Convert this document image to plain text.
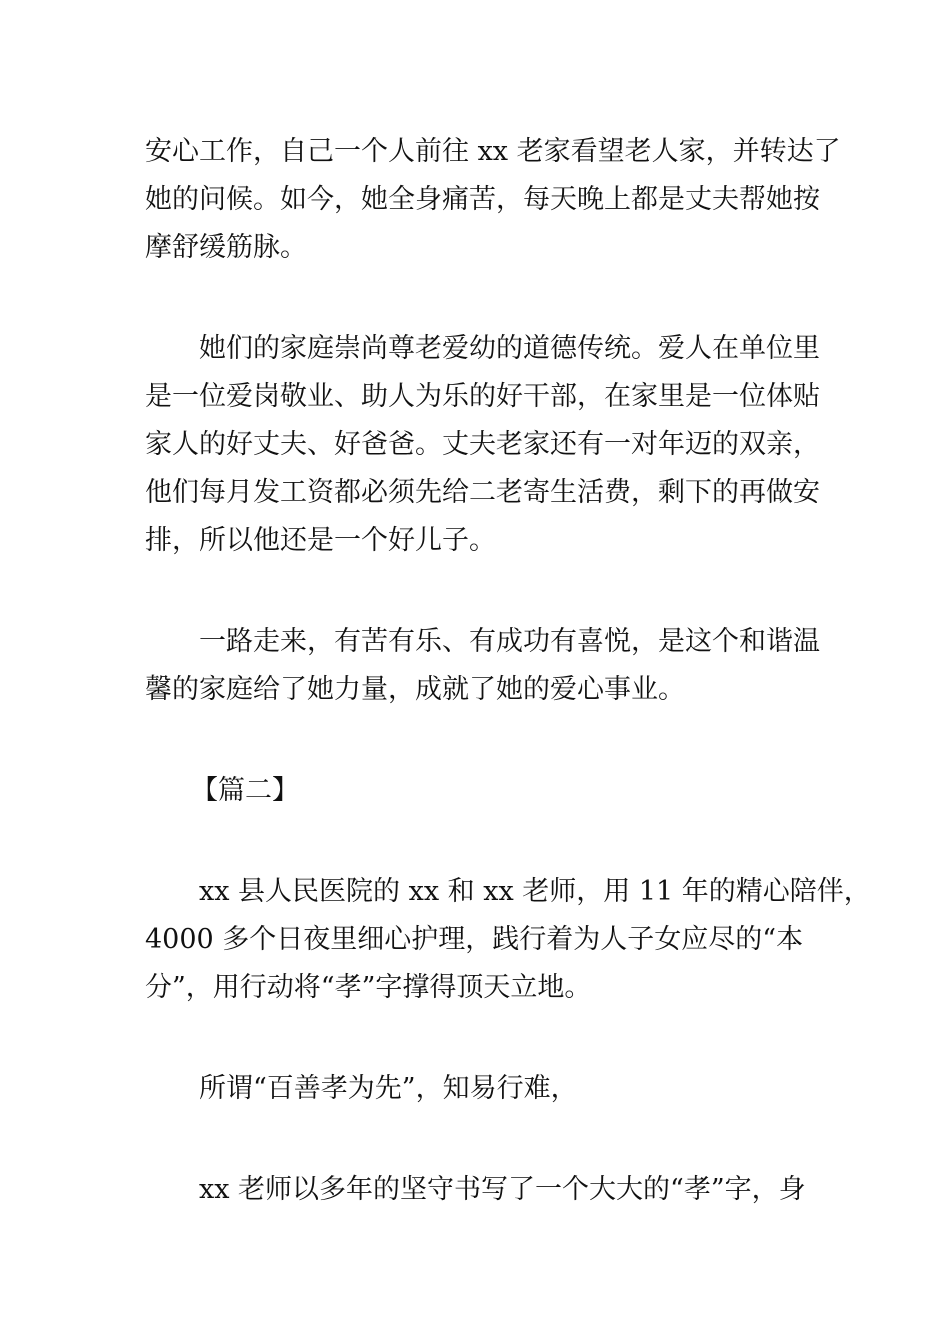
安心工作，自己一个人前往 xx 老家看望老人家，并转达了
她的问候。如今，她全身痛苦，每天晚上都是丈夫帮她按
摩舒缓筋脉。

她们的家庭崇尚尊老爱幼的道德传统。爱人在单位里
是一位爱岗敬业、助人为乐的好干部，在家里是一位体贴
家人的好丈夫、好爸爸。丈夫老家还有一对年迈的双亲，
他们每月发工资都必须先给二老寄生活费，剩下的再做安
排，所以他还是一个好儿子。

一路走来，有苦有乐、有成功有喜悦，是这个和谐温
馨的家庭给了她力量，成就了她的爱心事业。

【篇二】

xx 县人民医院的 xx 和 xx 老师，用 11 年的精心陪伴，
4000 多个日夜里细心护理，践行着为人子女应尽的“本
分”，用行动将“孝”字撑得顶天立地。

所谓“百善孝为先”，知易行难，

xx 老师以多年的坚守书写了一个大大的“孝”字，身
